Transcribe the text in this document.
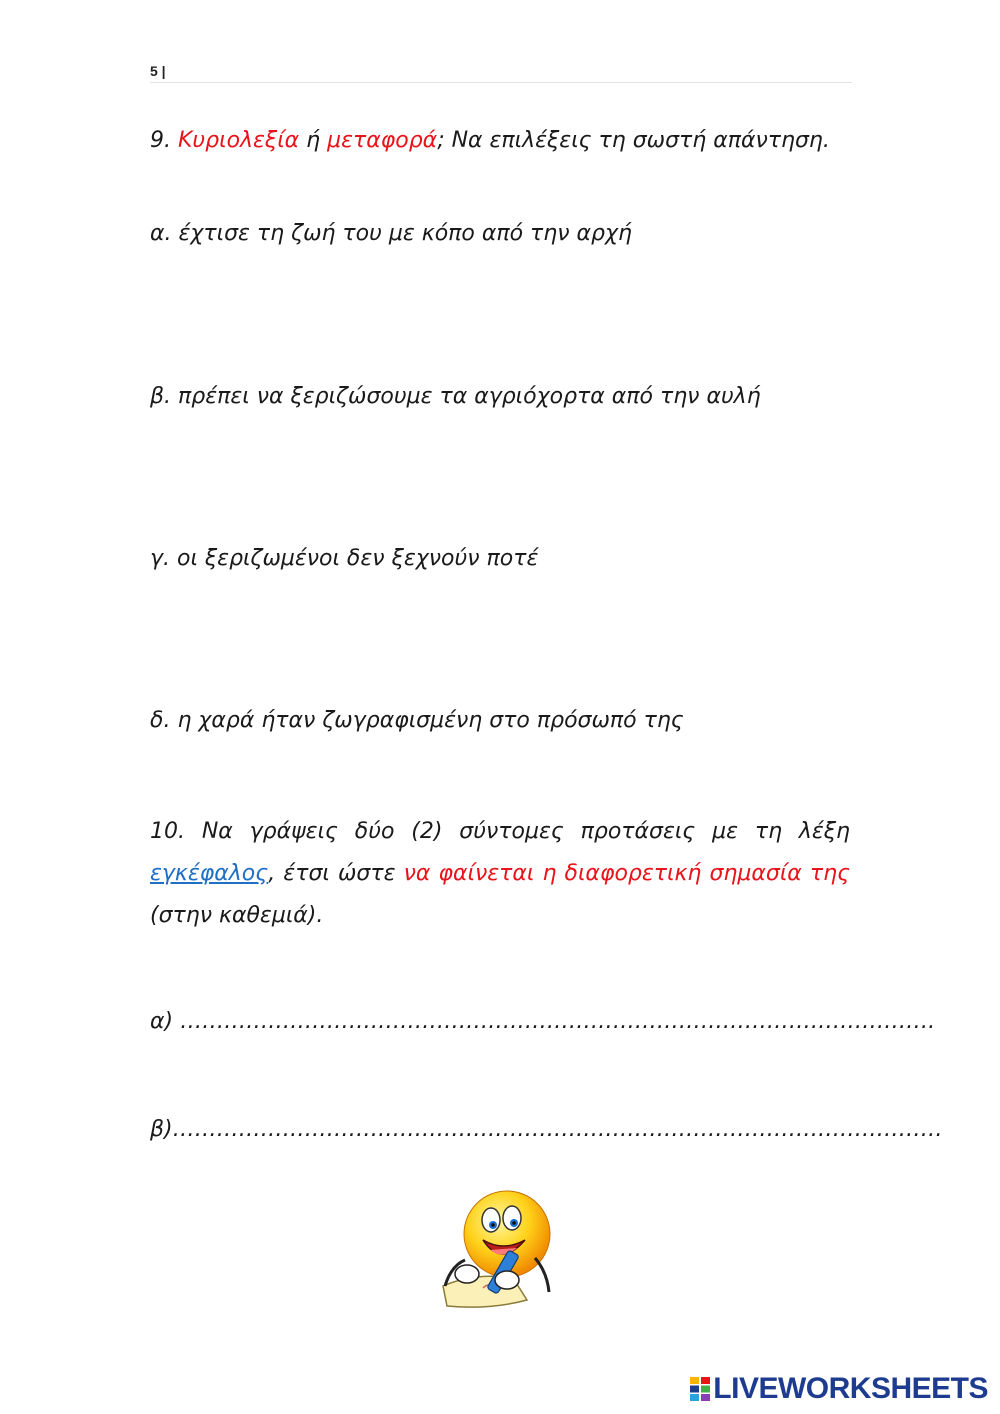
5 |
9. Κυριολεξία ή μεταφορά; Να επιλέξεις τη σωστή απάντηση.
α. έχτισε τη ζωή του με κόπο από την αρχή
β. πρέπει να ξεριζώσουμε τα αγριόχορτα από την αυλή
γ. οι ξεριζωμένοι δεν ξεχνούν ποτέ
δ. η χαρά ήταν ζωγραφισμένη στο πρόσωπό της
10. Να γράψεις δύο (2) σύντομες προτάσεις με τη λέξη εγκέφαλος, έτσι ώστε να φαίνεται η διαφορετική σημασία της (στην καθεμιά).
α) ………………………………………………………………………………………….
β)……………………………………………………………………………………………
LIVEWORKSHEETS
